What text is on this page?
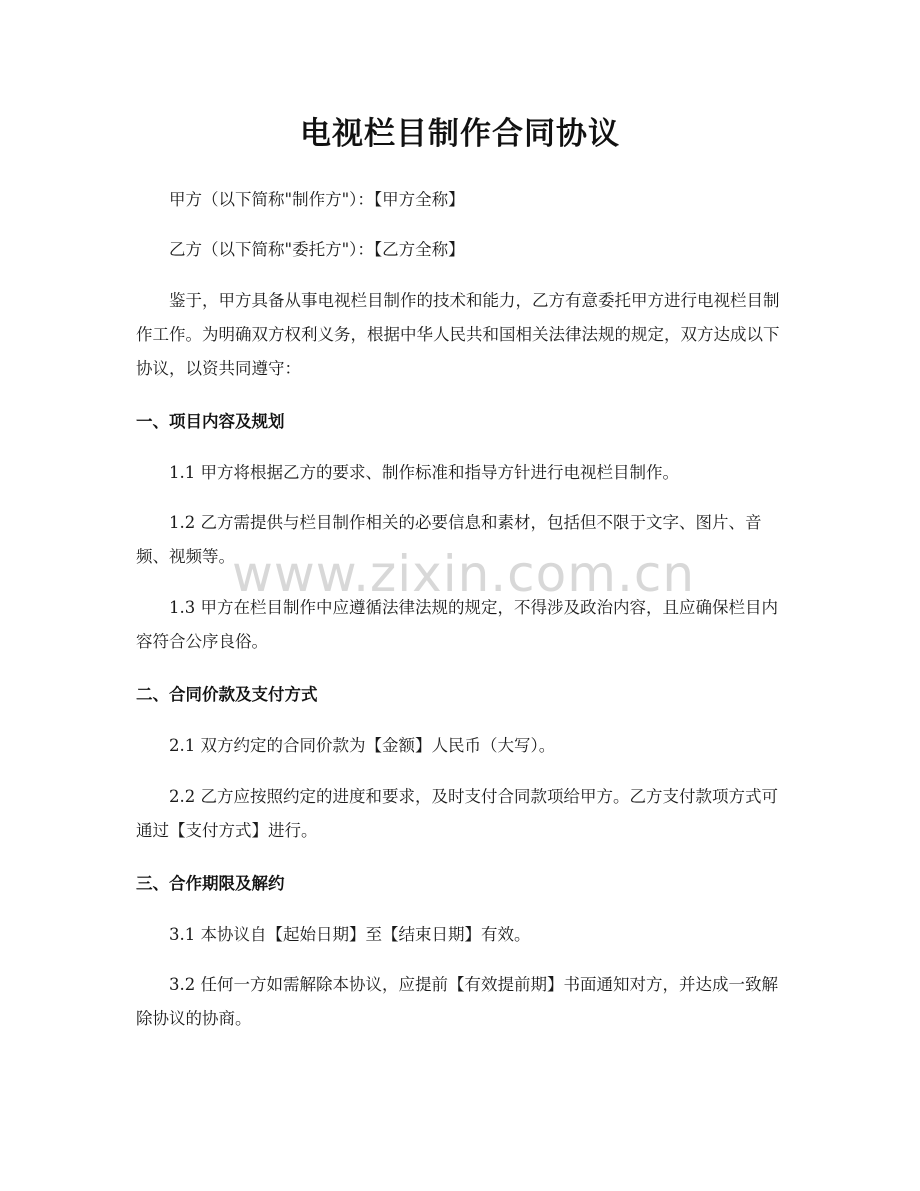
电视栏目制作合同协议

甲方（以下简称"制作方"）：【甲方全称】

乙方（以下简称"委托方"）：【乙方全称】

鉴于，甲方具备从事电视栏目制作的技术和能力，乙方有意委托甲方进行电视栏目制作工作。为明确双方权利义务，根据中华人民共和国相关法律法规的规定，双方达成以下协议，以资共同遵守：

一、项目内容及规划

1.1 甲方将根据乙方的要求、制作标准和指导方针进行电视栏目制作。

1.2 乙方需提供与栏目制作相关的必要信息和素材，包括但不限于文字、图片、音频、视频等。

1.3 甲方在栏目制作中应遵循法律法规的规定，不得涉及政治内容，且应确保栏目内容符合公序良俗。

二、合同价款及支付方式

2.1 双方约定的合同价款为【金额】人民币（大写）。

2.2 乙方应按照约定的进度和要求，及时支付合同款项给甲方。乙方支付款项方式可通过【支付方式】进行。

三、合作期限及解约

3.1 本协议自【起始日期】至【结束日期】有效。

3.2 任何一方如需解除本协议，应提前【有效提前期】书面通知对方，并达成一致解除协议的协商。

www.zixin.com.cn
